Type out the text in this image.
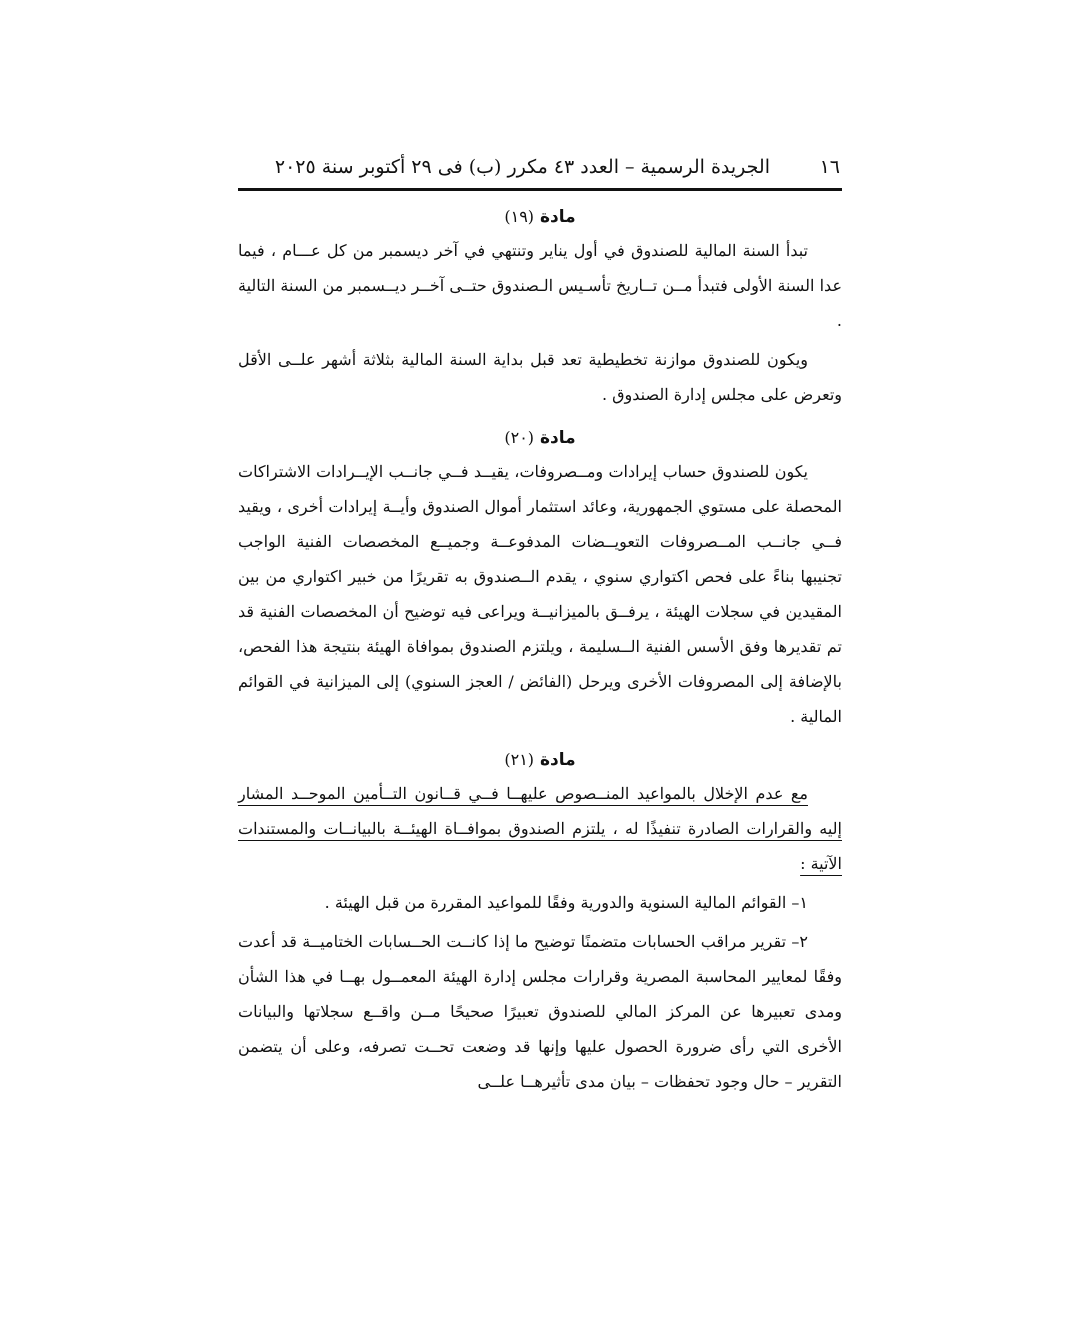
١٦
الجريدة الرسمية – العدد ٤٣ مكرر (ب) فى ٢٩ أكتوبر سنة ٢٠٢٥
مادة (١٩)

تبدأ السنة المالية للصندوق في أول يناير وتنتهي في آخر ديسمبر من كل عـــام ، فيما عدا السنة الأولى فتبدأ مــن تــاريخ تأسـيس الـصندوق حتــى آخــر ديــسمبر من السنة التالية .

ويكون للصندوق موازنة تخطيطية تعد قبل بداية السنة المالية بثلاثة أشهر علــى الأقل وتعرض على مجلس إدارة الصندوق .

مادة (٢٠)

يكون للصندوق حساب إيرادات ومــصروفات، يقيــد فــي جانــب الإيــرادات الاشتراكات المحصلة على مستوي الجمهورية، وعائد استثمار أموال الصندوق وأيــة إيرادات أخرى ، ويقيد فــي جانــب المــصروفات التعويــضات المدفوعــة وجميــع المخصصات الفنية الواجب تجنيبها بناءً على فحص اكتواري سنوي ، يقدم الــصندوق به تقريرًا من خبير اكتواري من بين المقيدين في سجلات الهيئة ، يرفــق بالميزانيــة ويراعى فيه توضيح أن المخصصات الفنية قد تم تقديرها وفق الأسس الفنية الــسليمة ، ويلتزم الصندوق بموافاة الهيئة بنتيجة هذا الفحص، بالإضافة إلى المصروفات الأخرى ويرحل (الفائض / العجز السنوي) إلى الميزانية في القوائم المالية .

مادة (٢١)

مع عدم الإخلال بالمواعيد المنــصوص عليهــا فــي قــانون التــأمين الموحــد المشار إليه والقرارات الصادرة تنفيذًا له ، يلتزم الصندوق بموافــاة الهيئــة بالبيانــات والمستندات الآتية :

١– القوائم المالية السنوية والدورية وفقًا للمواعيد المقررة من قبل الهيئة .

٢– تقرير مراقب الحسابات متضمنًا توضيح ما إذا كانــت الحــسابات الختاميــة قد أعدت وفقًا لمعايير المحاسبة المصرية وقرارات مجلس إدارة الهيئة المعمــول بهــا في هذا الشأن ومدى تعبيرها عن المركز المالي للصندوق تعبيرًا صحيحًا مــن واقــع سجلاتها والبيانات الأخرى التي رأى ضرورة الحصول عليها وإنها قد وضعت تحــت تصرفه، وعلى أن يتضمن التقرير – حال وجود تحفظات – بيان مدى تأثيرهــا علــى
